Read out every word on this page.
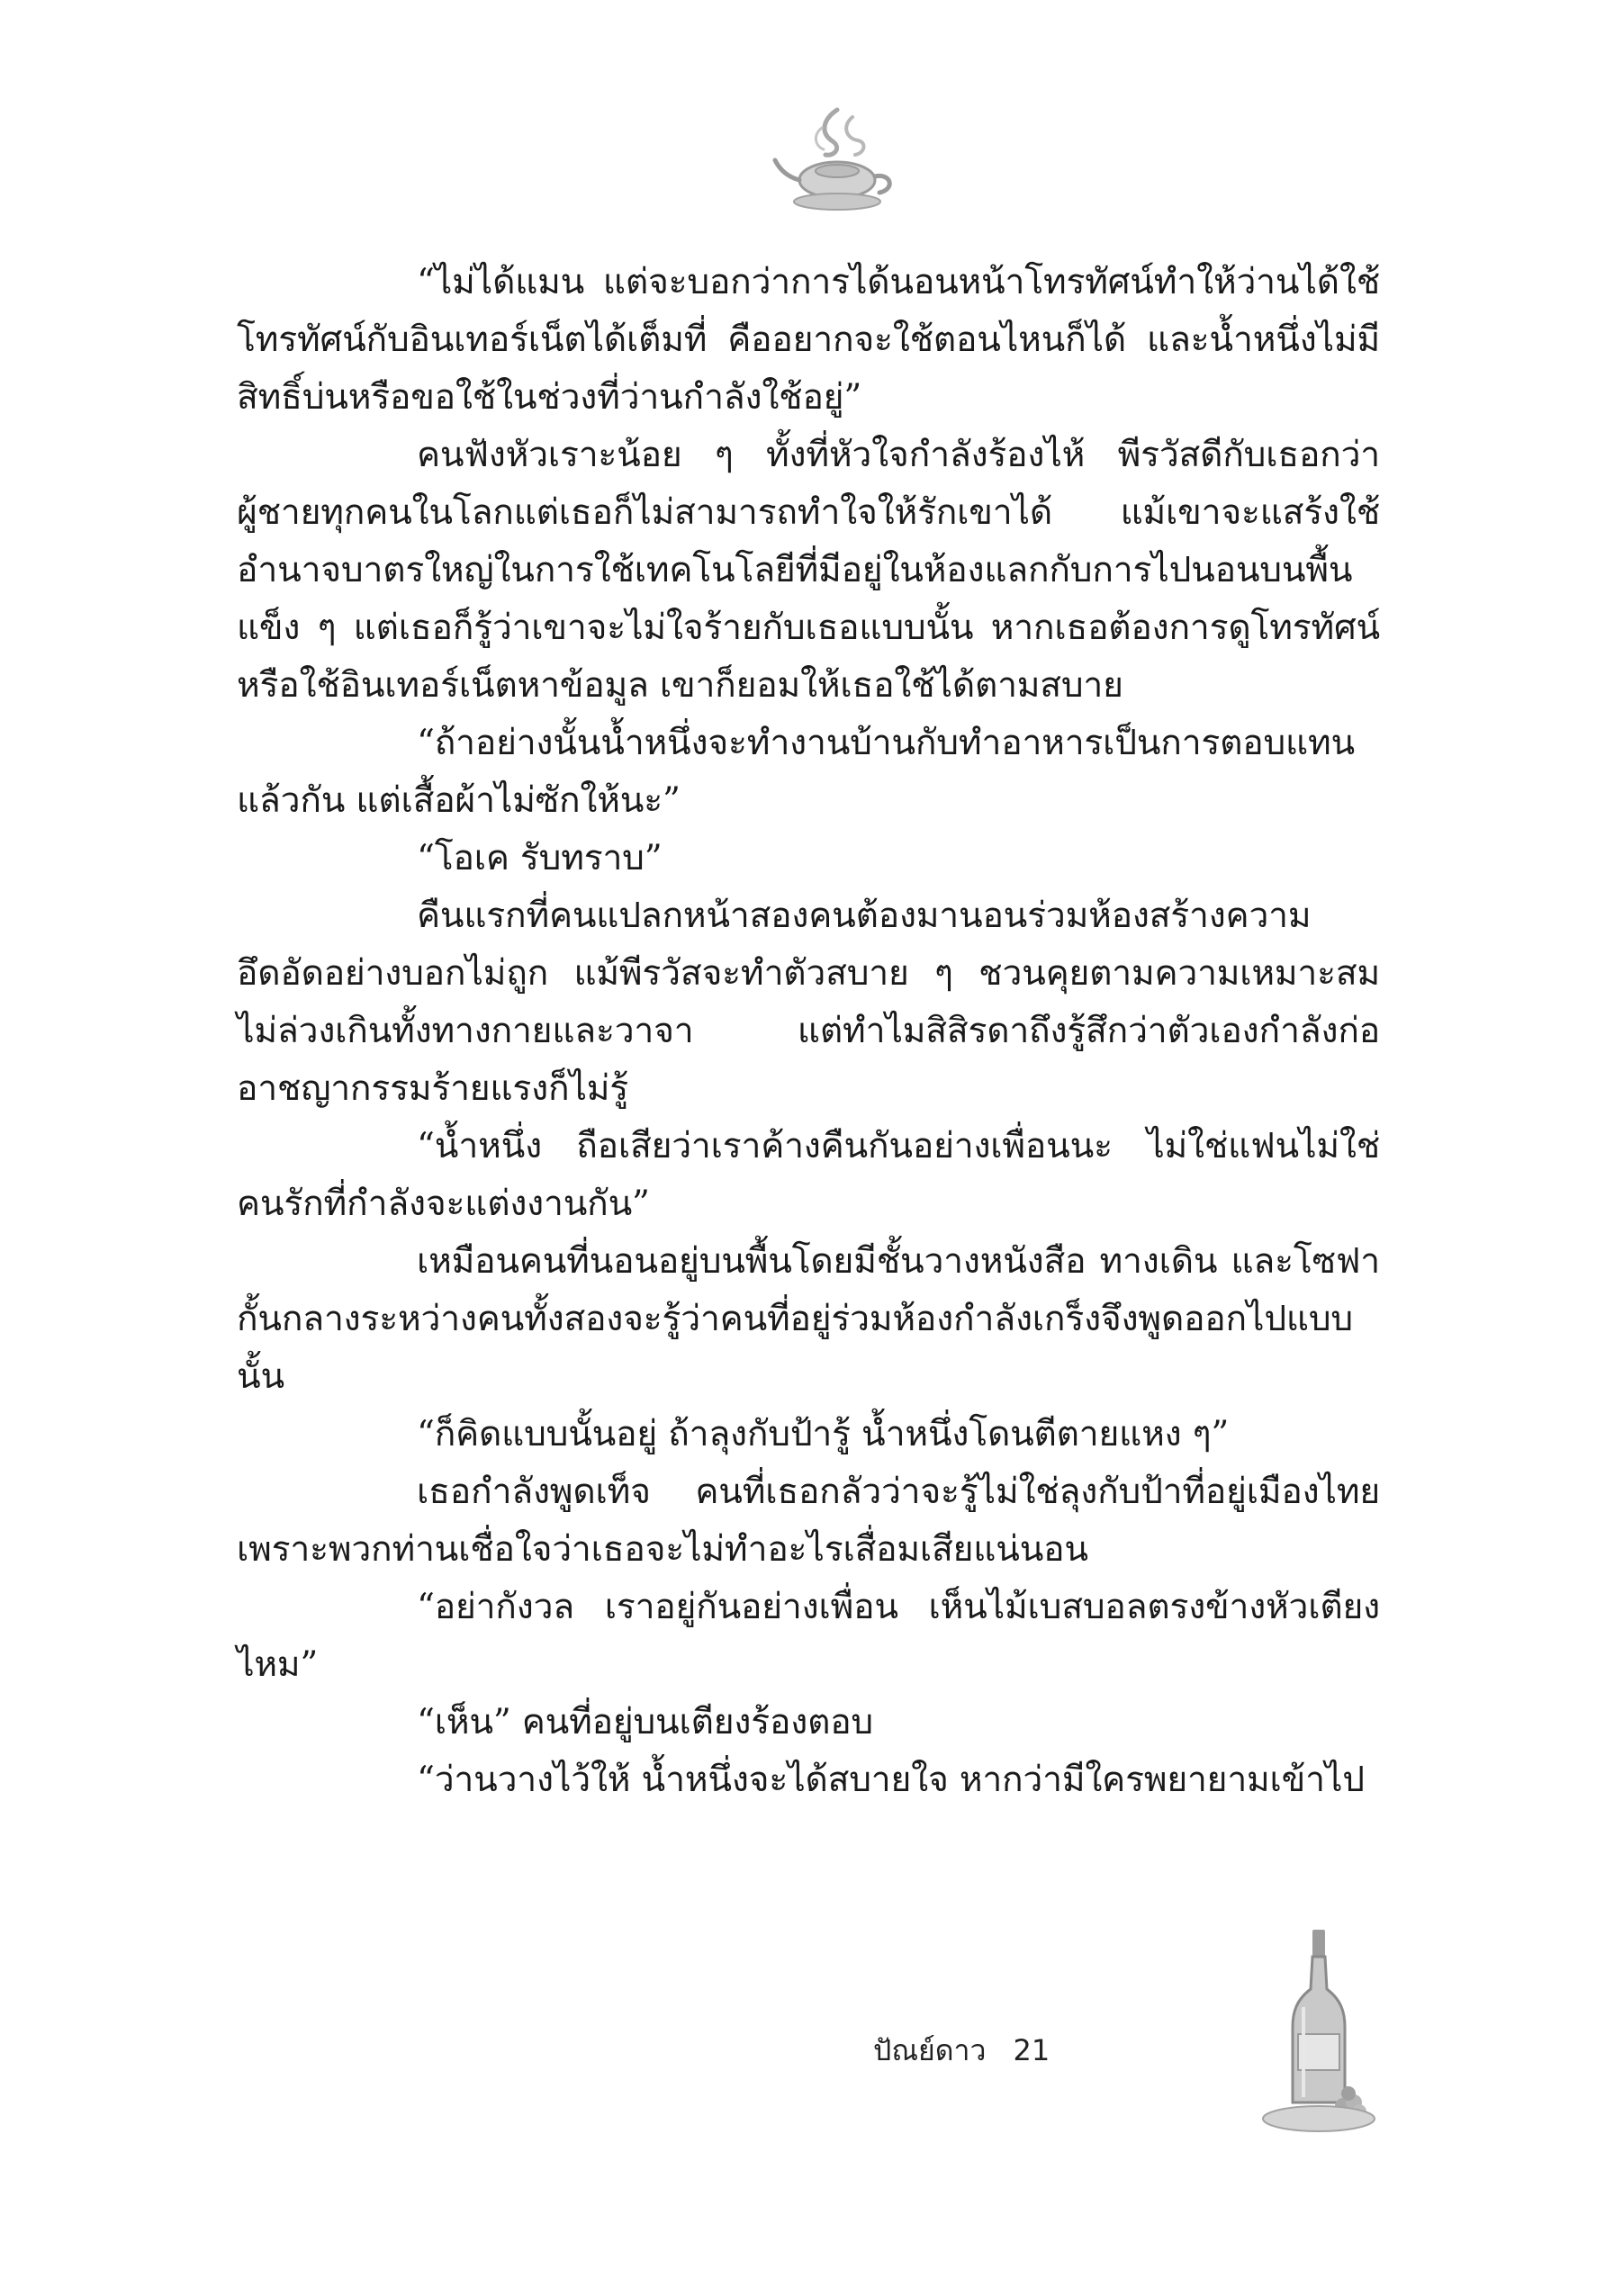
“ไม่ได้แมน แต่จะบอกว่าการได้นอนหน้าโทรทัศน์ทำให้ว่านได้ใช้โทรทัศน์กับอินเทอร์เน็ตได้เต็มที่ คืออยากจะใช้ตอนไหนก็ได้ และน้ำหนึ่งไม่มีสิทธิ์บ่นหรือขอใช้ในช่วงที่ว่านกำลังใช้อยู่”

คนฟังหัวเราะน้อย ๆ ทั้งที่หัวใจกำลังร้องไห้ พีรวัสดีกับเธอกว่าผู้ชายทุกคนในโลกแต่เธอก็ไม่สามารถทำใจให้รักเขาได้ แม้เขาจะแสร้งใช้อำนาจบาตรใหญ่ในการใช้เทคโนโลยีที่มีอยู่ในห้องแลกกับการไปนอนบนพื้นแข็ง ๆ แต่เธอก็รู้ว่าเขาจะไม่ใจร้ายกับเธอแบบนั้น หากเธอต้องการดูโทรทัศน์หรือใช้อินเทอร์เน็ตหาข้อมูล เขาก็ยอมให้เธอใช้ได้ตามสบาย

“ถ้าอย่างนั้นน้ำหนึ่งจะทำงานบ้านกับทำอาหารเป็นการตอบแทนแล้วกัน แต่เสื้อผ้าไม่ซักให้นะ”

“โอเค รับทราบ”

คืนแรกที่คนแปลกหน้าสองคนต้องมานอนร่วมห้องสร้างความอึดอัดอย่างบอกไม่ถูก แม้พีรวัสจะทำตัวสบาย ๆ ชวนคุยตามความเหมาะสม ไม่ล่วงเกินทั้งทางกายและวาจา แต่ทำไมสิสิรดาถึงรู้สึกว่าตัวเองกำลังก่ออาชญากรรมร้ายแรงก็ไม่รู้

“น้ำหนึ่ง ถือเสียว่าเราค้างคืนกันอย่างเพื่อนนะ ไม่ใช่แฟนไม่ใช่คนรักที่กำลังจะแต่งงานกัน”

เหมือนคนที่นอนอยู่บนพื้นโดยมีชั้นวางหนังสือ ทางเดิน และโซฟากั้นกลางระหว่างคนทั้งสองจะรู้ว่าคนที่อยู่ร่วมห้องกำลังเกร็งจึงพูดออกไปแบบนั้น

“ก็คิดแบบนั้นอยู่ ถ้าลุงกับป้ารู้ น้ำหนึ่งโดนตีตายแหง ๆ”

เธอกำลังพูดเท็จ คนที่เธอกลัวว่าจะรู้ไม่ใช่ลุงกับป้าที่อยู่เมืองไทยเพราะพวกท่านเชื่อใจว่าเธอจะไม่ทำอะไรเสื่อมเสียแน่นอน

“อย่ากังวล เราอยู่กันอย่างเพื่อน เห็นไม้เบสบอลตรงข้างหัวเตียงไหม”

“เห็น” คนที่อยู่บนเตียงร้องตอบ

“ว่านวางไว้ให้ น้ำหนึ่งจะได้สบายใจ หากว่ามีใครพยายามเข้าไป

ปัณย์ดาว 21
